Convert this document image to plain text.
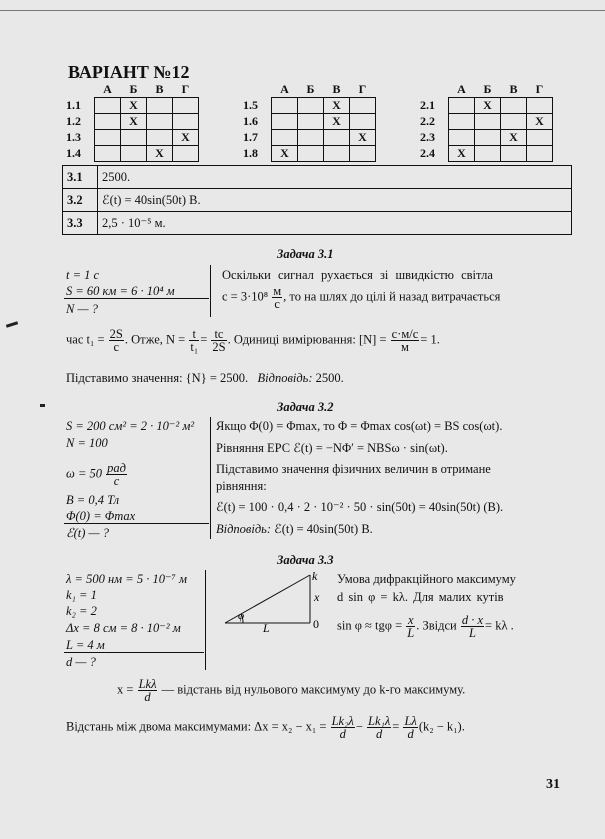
ВАРІАНТ №12
	А	Б	В	Г
1.1		Х		
1.2		Х		
1.3				Х
1.4			Х	
	А	Б	В	Г
1.5			Х	
1.6			Х	
1.7				Х
1.8	Х			
	А	Б	В	Г
2.1		Х		
2.2				Х
2.3			Х	
2.4	Х			
3.1	2500.
3.2	ℰ(t) = 40sin(50t) B.
3.3	2,5 · 10⁻⁵ м.
Задача 3.1
t = 1 с
S = 60 км = 6 · 10⁴ м
N — ?
Оскільки сигнал рухається зі швидкістю світла
$c = 3\cdot 10^8 \frac{м}{с}$ , то на шлях до цілі й назад витрачається
час $t_1 = \frac{2S}{c}$ . Отже, $N = \frac{t}{\text{t₁}} = \frac{tc}{2S}$ . Одиниці вимірювання: $[N] = \frac{с\cdot м/с}{м} = 1$.
Підставимо значення: {N} = 2500. Відповідь: 2500.
Задача 3.2
S = 200 см² = 2 · 10⁻² м²
N = 100
$\omega = 50 \frac{\text{рад}}{с}$
B = 0,4 Тл
Φ(0) = Φmax
ℰ(t) — ?
Якщо Φ(0) = Φmax, то Φ = Φmax cos(ωt) = BS cos(ωt).
Рівняння ЕРС ℰ(t) = −NΦ′ = NBSω · sin(ωt).
Підставимо значення фізичних величин в отримане
рівняння:
ℰ(t) = 100 · 0,4 · 2 · 10⁻² · 50 · sin(50t) = 40sin(50t) (B).
Відповідь: ℰ(t) = 40sin(50t) B.
Задача 3.3
λ = 500 нм = 5 · 10⁻⁷ м
k₁ = 1
k₂ = 2
Δx = 8 см = 8 · 10⁻² м
L = 4 м
d — ?
φ
L
k
x
0
Умова дифракційного максимуму
d sin φ = kλ. Для малих кутів
$\sin \varphi \approx tg\varphi = \frac{x}{L}$ . Звідси $\frac{d \cdot x}{L} = k\lambda$ .
$x = \frac{\text{Lkλ}}{d}$ — відстань від нульового максимуму до k-го максимуму.
Відстань між двома максимумами: $\Delta x = x_2 - x_1 = \frac{\text{Lk₂λ}}{d} - \frac{\text{Lk₁λ}}{d} = \frac{L\lambda}{d} (k_2 - k_1)$.
31
